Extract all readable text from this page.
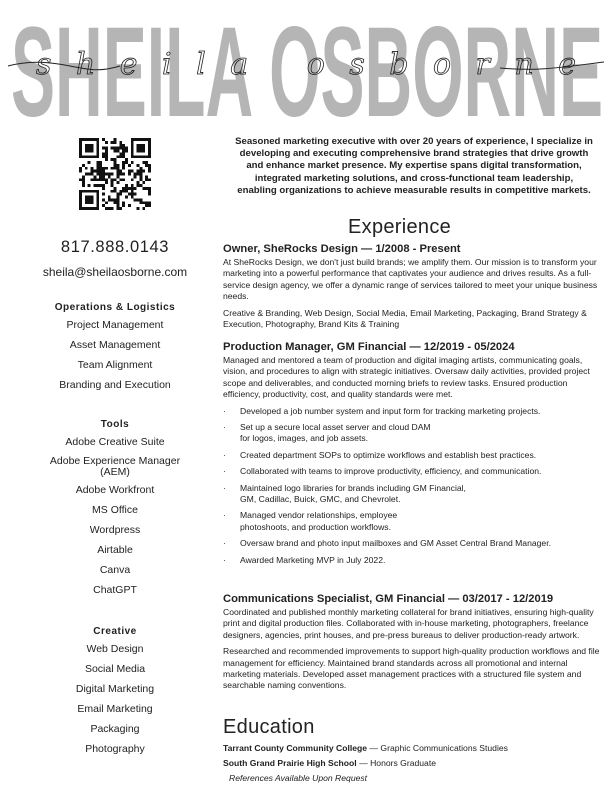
SHEILA OSBORNE
sheila osborne
817.888.0143
sheila@sheilaosborne.com
Operations & Logistics
Project Management
Asset Management
Team Alignment
Branding and Execution
Tools
Adobe Creative Suite
Adobe Experience Manager
(AEM)
Adobe Workfront
MS Office
Wordpress
Airtable
Canva
ChatGPT
Creative
Web Design
Social Media
Digital Marketing
Email Marketing
Packaging
Photography
Seasoned marketing executive with over 20 years of experience, I specialize in developing and executing comprehensive brand strategies that drive growth and enhance market presence. My expertise spans digital transformation, integrated marketing solutions, and cross-functional team leadership, enabling organizations to achieve measurable results in competitive markets.
Experience
Owner, SheRocks Design — 1/2008 - Present
At SheRocks Design, we don't just build brands; we amplify them. Our mission is to transform your marketing into a powerful performance that captivates your audience and drives results. As a full-service design agency, we offer a dynamic range of services tailored to meet your unique business needs.
Creative & Branding, Web Design, Social Media, Email Marketing, Packaging, Brand Strategy & Execution, Photography, Brand Kits & Training
Production Manager, GM Financial — 12/2019 - 05/2024
Managed and mentored a team of production and digital imaging artists, communicating goals, vision, and procedures to align with strategic initiatives. Oversaw daily activities, provided project scope and deliverables, and conducted morning briefs to review tasks. Ensured production efficiency, productivity, cost, and quality standards were met.
· Developed a job number system and input form for tracking marketing projects.
· Set up a secure local asset server and cloud DAM
for logos, images, and job assets.
· Created department SOPs to optimize workflows and establish best practices.
· Collaborated with teams to improve productivity, efficiency, and communication.
· Maintained logo libraries for brands including GM Financial,
GM, Cadillac, Buick, GMC, and Chevrolet.
· Managed vendor relationships, employee
photoshoots, and production workflows.
· Oversaw brand and photo input mailboxes and GM Asset Central Brand Manager.
· Awarded Marketing MVP in July 2022.
Communications Specialist, GM Financial — 03/2017 - 12/2019
Coordinated and published monthly marketing collateral for brand initiatives, ensuring high-quality print and digital production files. Collaborated with in-house marketing, photographers, freelance designers, agencies, print houses, and pre-press bureaus to deliver production-ready artwork.
Researched and recommended improvements to support high-quality production workflows and file management for efficiency. Maintained brand standards across all promotional and internal marketing materials. Developed asset management practices with a structured file system and searchable naming conventions.
Education
Tarrant County Community College — Graphic Communications Studies
South Grand Prairie High School — Honors Graduate
References Available Upon Request
